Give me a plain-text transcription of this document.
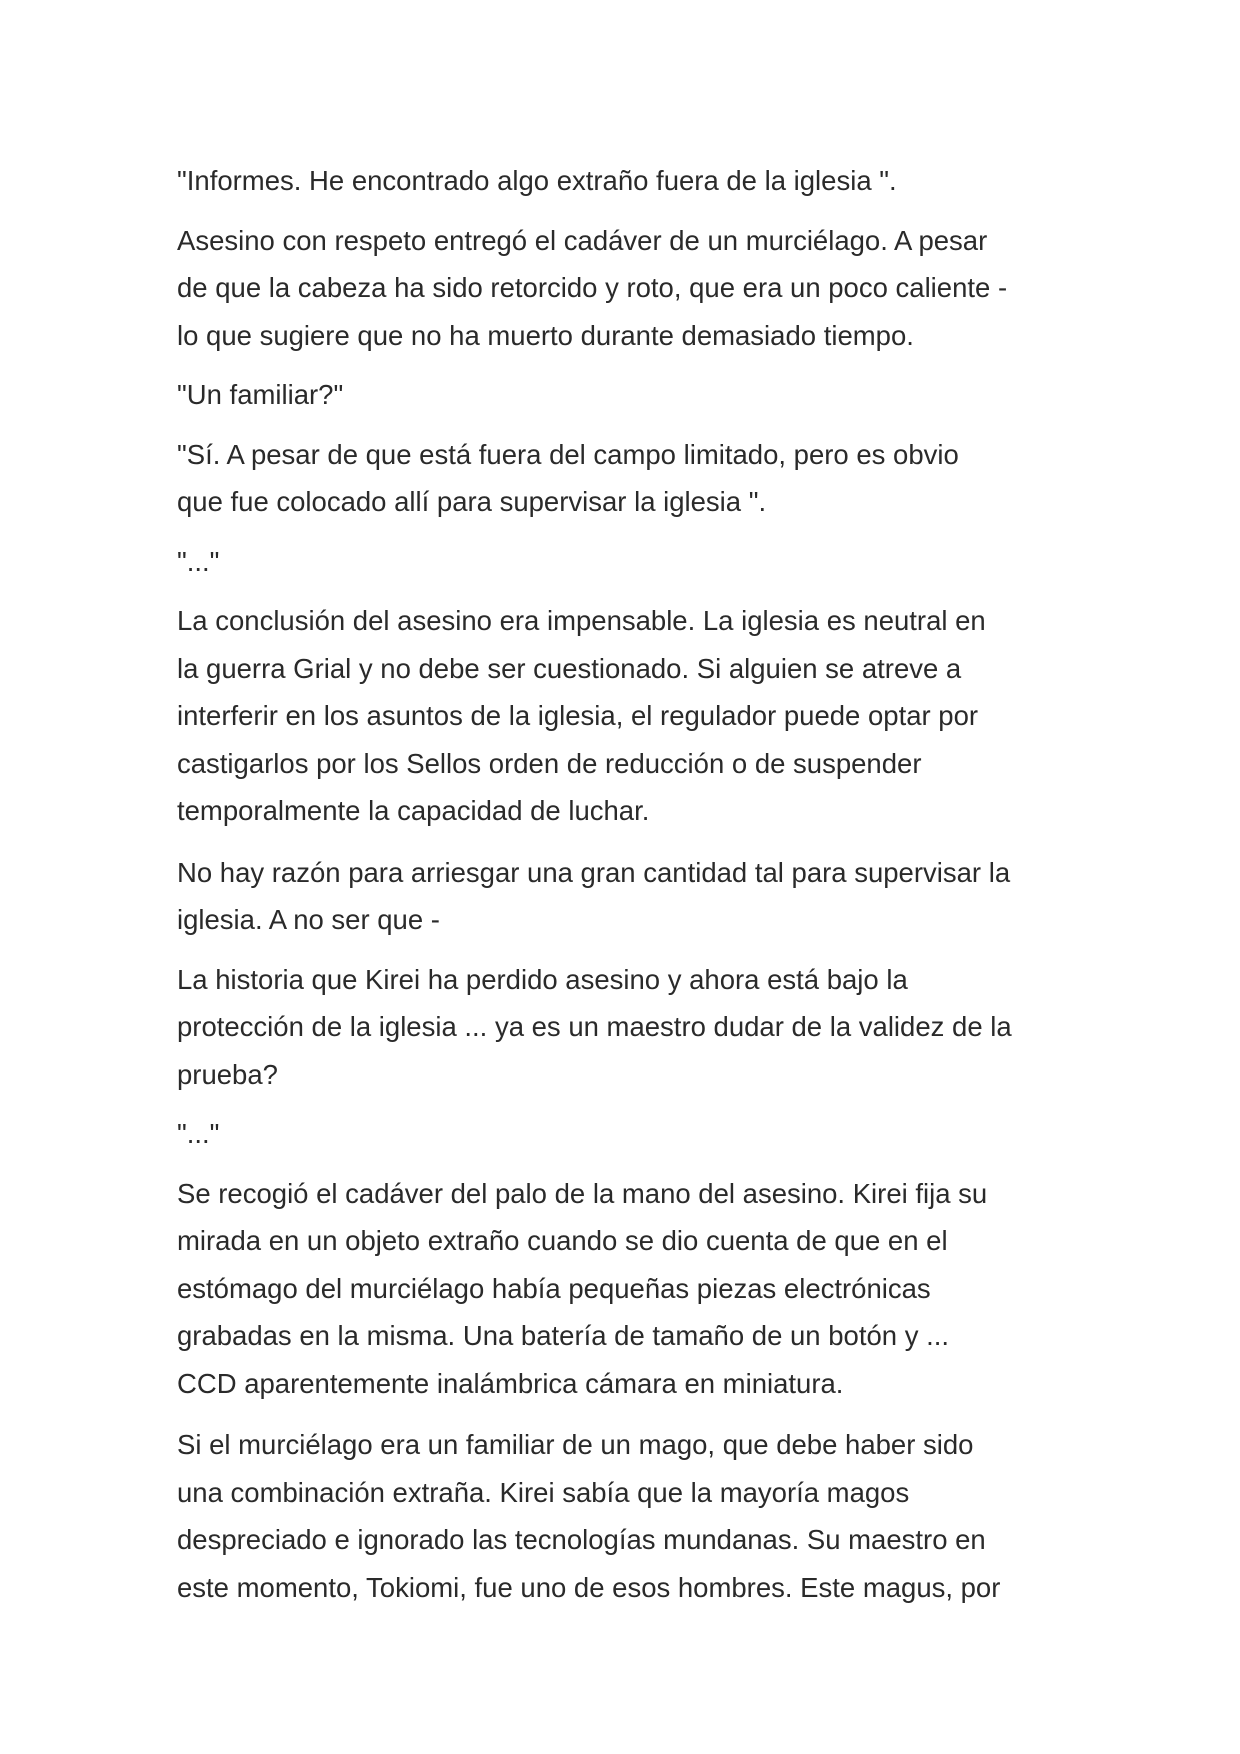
"Informes. He encontrado algo extraño fuera de la iglesia ".

Asesino con respeto entregó el cadáver de un murciélago. A pesar
de que la cabeza ha sido retorcido y roto, que era un poco caliente -
lo que sugiere que no ha muerto durante demasiado tiempo.

"Un familiar?"

"Sí. A pesar de que está fuera del campo limitado, pero es obvio
que fue colocado allí para supervisar la iglesia ".

"..."

La conclusión del asesino era impensable. La iglesia es neutral en
la guerra Grial y no debe ser cuestionado. Si alguien se atreve a
interferir en los asuntos de la iglesia, el regulador puede optar por
castigarlos por los Sellos orden de reducción o de suspender
temporalmente la capacidad de luchar.

No hay razón para arriesgar una gran cantidad tal para supervisar la
iglesia. A no ser que -

La historia que Kirei ha perdido asesino y ahora está bajo la
protección de la iglesia ... ya es un maestro dudar de la validez de la
prueba?

"..."

Se recogió el cadáver del palo de la mano del asesino. Kirei fija su
mirada en un objeto extraño cuando se dio cuenta de que en el
estómago del murciélago había pequeñas piezas electrónicas
grabadas en la misma. Una batería de tamaño de un botón y ...
CCD aparentemente inalámbrica cámara en miniatura.

Si el murciélago era un familiar de un mago, que debe haber sido
una combinación extraña. Kirei sabía que la mayoría magos
despreciado e ignorado las tecnologías mundanas. Su maestro en
este momento, Tokiomi, fue uno de esos hombres. Este magus, por
